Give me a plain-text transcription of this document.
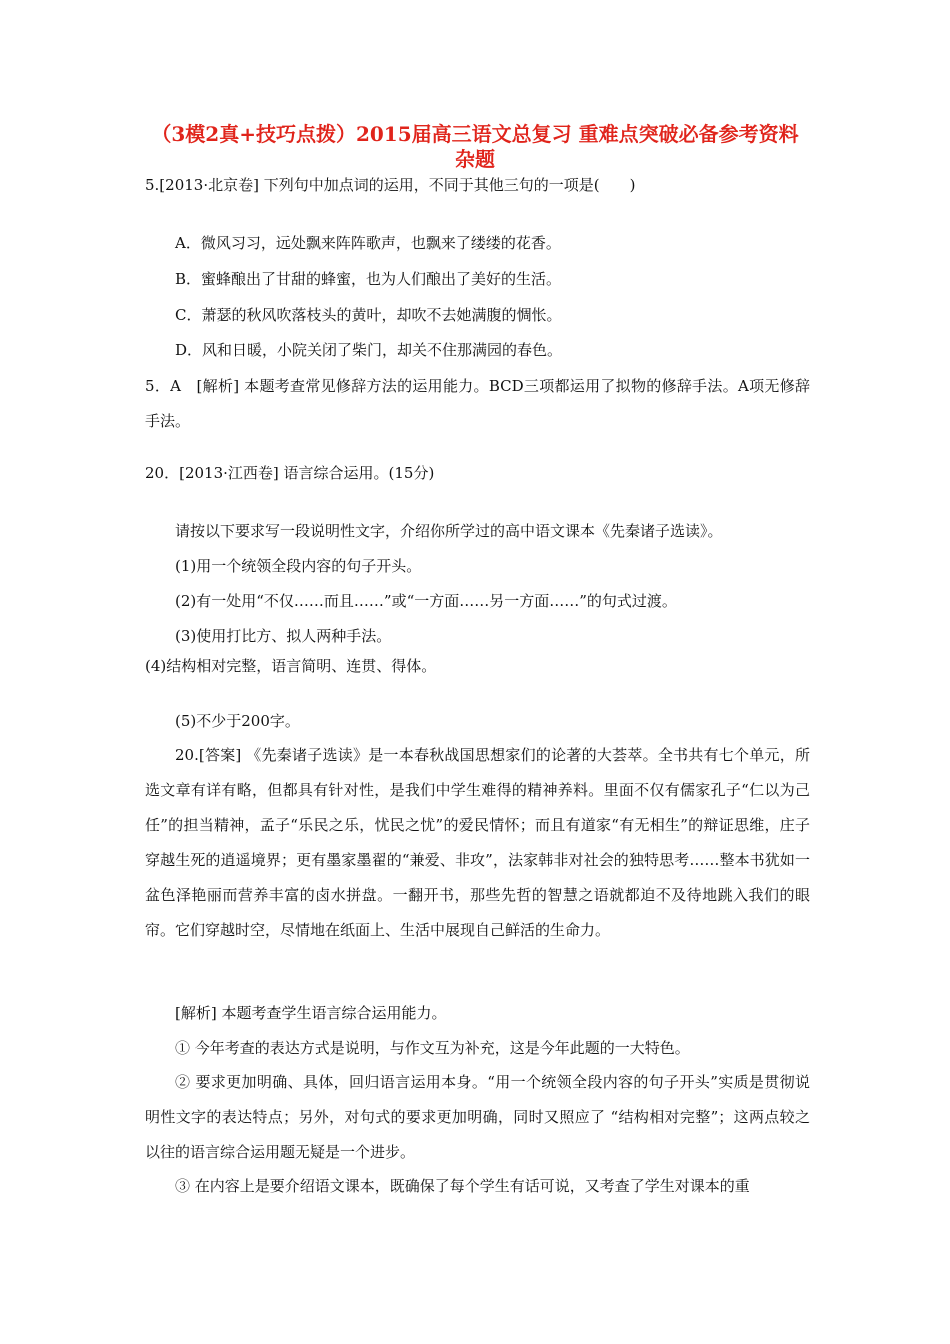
（3模2真+技巧点拨）2015届高三语文总复习 重难点突破必备参考资料 杂题
5.[2013·北京卷] 下列句中加点词的运用，不同于其他三句的一项是(　　)
A．微风习习，远处飘来阵阵歌声，也飘来了缕缕的花香。
B．蜜蜂酿出了甘甜的蜂蜜，也为人们酿出了美好的生活。
C．萧瑟的秋风吹落枝头的黄叶，却吹不去她满腹的惆怅。
D．风和日暖，小院关闭了柴门，却关不住那满园的春色。
5．A　[解析] 本题考查常见修辞方法的运用能力。BCD三项都运用了拟物的修辞手法。A项无修辞手法。
20．[2013·江西卷] 语言综合运用。(15分)
请按以下要求写一段说明性文字，介绍你所学过的高中语文课本《先秦诸子选读》。
(1)用一个统领全段内容的句子开头。
(2)有一处用“不仅……而且……”或“一方面……另一方面……”的句式过渡。
(3)使用打比方、拟人两种手法。
(4)结构相对完整，语言简明、连贯、得体。
(5)不少于200字。
20.[答案] 《先秦诸子选读》是一本春秋战国思想家们的论著的大荟萃。全书共有七个单元，所选文章有详有略，但都具有针对性，是我们中学生难得的精神养料。里面不仅有儒家孔子“仁以为己任”的担当精神，孟子“乐民之乐，忧民之忧”的爱民情怀；而且有道家“有无相生”的辩证思维，庄子穿越生死的逍遥境界；更有墨家墨翟的“兼爱、非攻”，法家韩非对社会的独特思考……整本书犹如一盆色泽艳丽而营养丰富的卤水拼盘。一翻开书，那些先哲的智慧之语就都迫不及待地跳入我们的眼帘。它们穿越时空，尽情地在纸面上、生活中展现自己鲜活的生命力。
[解析] 本题考查学生语言综合运用能力。
① 今年考查的表达方式是说明，与作文互为补充，这是今年此题的一大特色。
② 要求更加明确、具体，回归语言运用本身。“用一个统领全段内容的句子开头”实质是贯彻说明性文字的表达特点；另外，对句式的要求更加明确，同时又照应了 “结构相对完整”；这两点较之以往的语言综合运用题无疑是一个进步。
③ 在内容上是要介绍语文课本，既确保了每个学生有话可说，又考查了学生对课本的重
